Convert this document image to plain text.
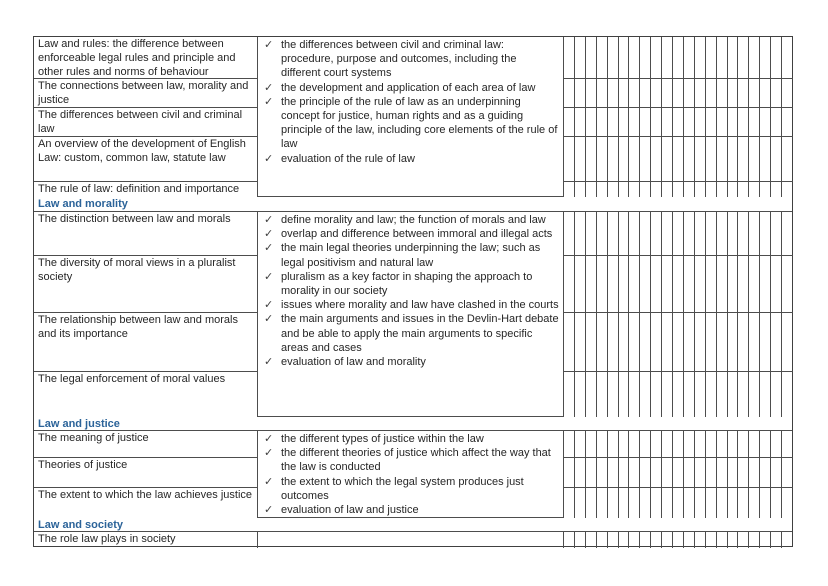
Law and rules: the difference between enforceable legal rules and principle and other rules and norms of behaviour
The connections between law, morality and justice
The differences between civil and criminal law
An overview of the development of English Law: custom, common law, statute law
The rule of law: definition and importance
✓ the differences between civil and criminal law: procedure, purpose and outcomes, including the different court systems
✓ the development and application of each area of law
✓ the principle of the rule of law as an underpinning concept for justice, human rights and as a guiding principle of the law, including core elements of the rule of law
✓ evaluation of the rule of law
Law and morality
The distinction between law and morals
The diversity of moral views in a pluralist society
The relationship between law and morals and its importance
The legal enforcement of moral values
✓ define morality and law; the function of morals and law
✓ overlap and difference between immoral and illegal acts
✓ the main legal theories underpinning the law; such as legal positivism and natural law
✓ pluralism as a key factor in shaping the approach to morality in our society
✓ issues where morality and law have clashed in the courts
✓ the main arguments and issues in the Devlin-Hart debate and be able to apply the main arguments to specific areas and cases
✓ evaluation of law and morality
Law and justice
The meaning of justice
Theories of justice
The extent to which the law achieves justice
✓ the different types of justice within the law
✓ the different theories of justice which affect the way that the law is conducted
✓ the extent to which the legal system produces just outcomes
✓ evaluation of law and justice
Law and society
The role law plays in society
